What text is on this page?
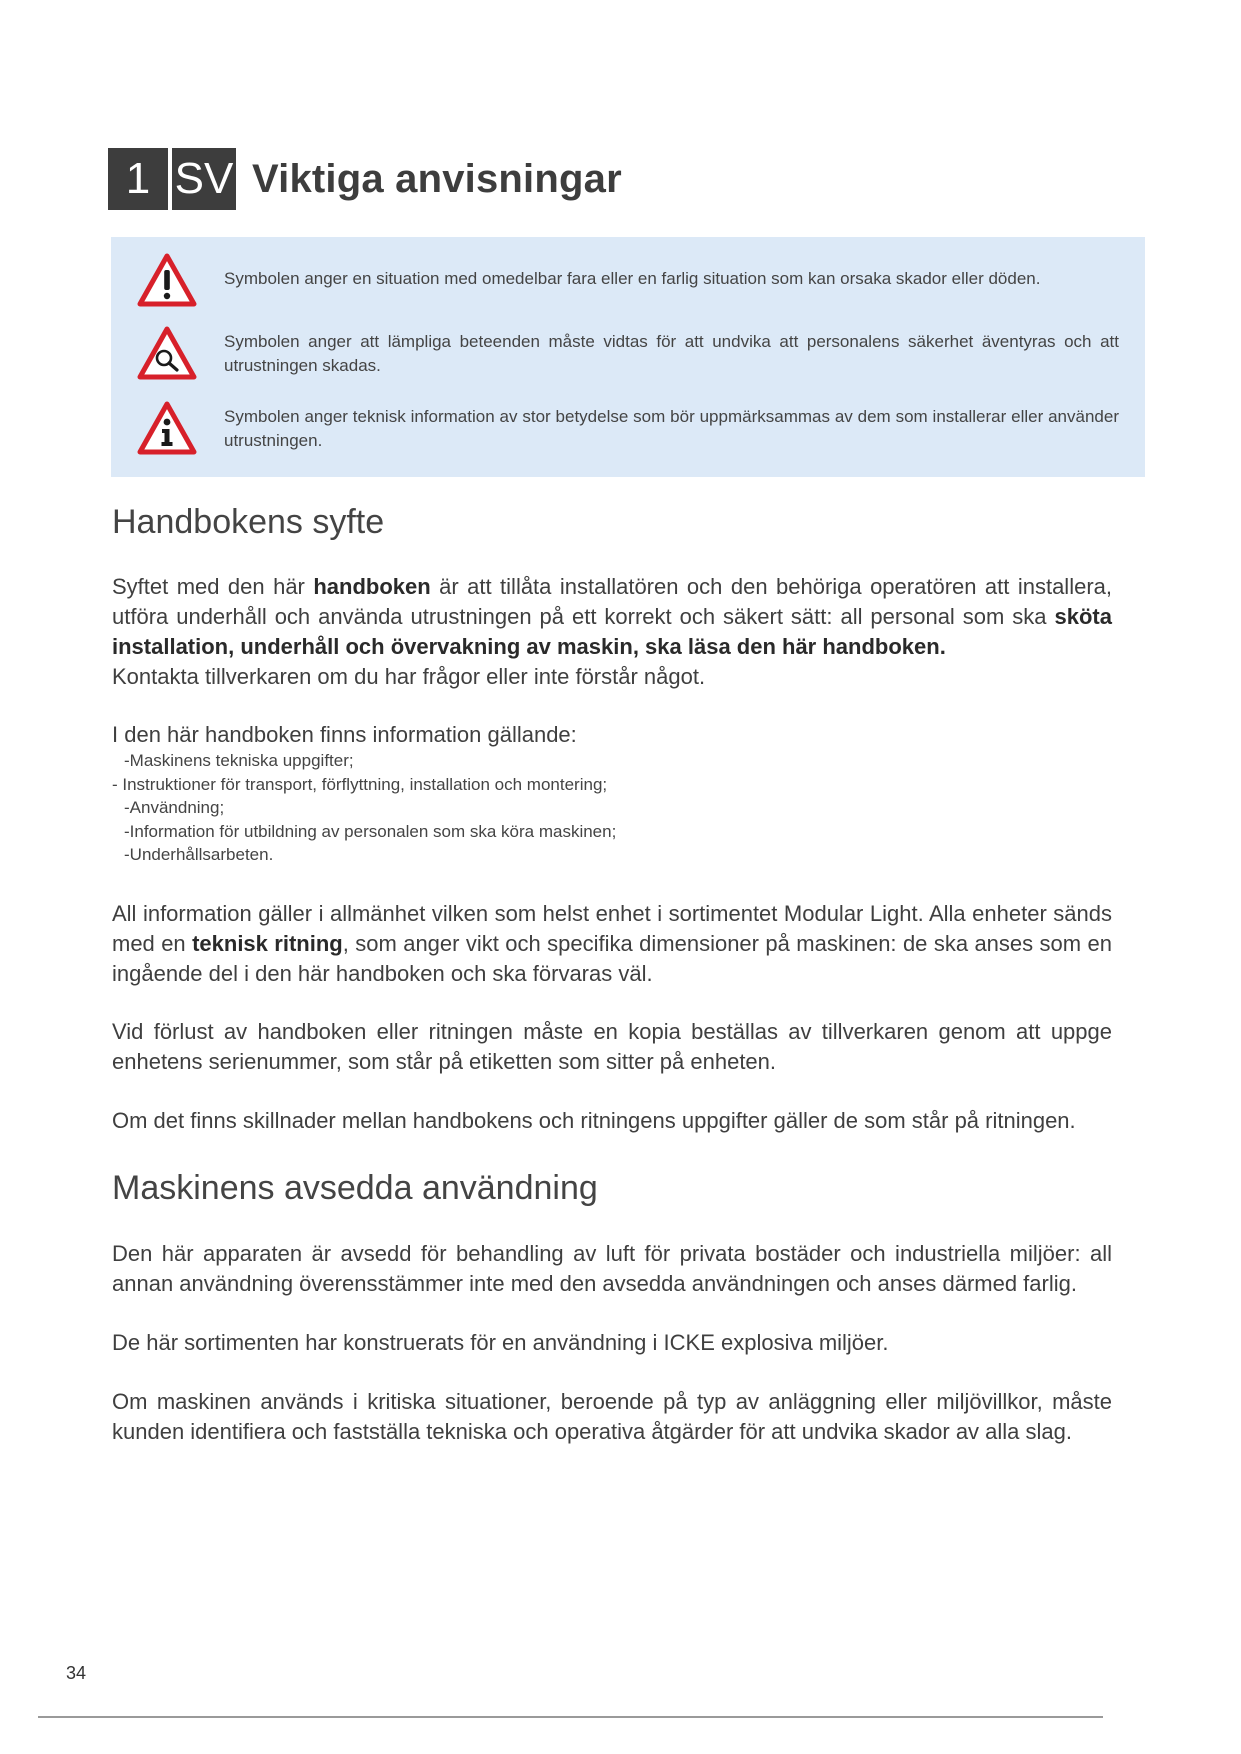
1 SV Viktiga anvisningar
Symbolen anger en situation med omedelbar fara eller en farlig situation som kan orsaka skador eller döden.
Symbolen anger att lämpliga beteenden måste vidtas för att undvika att personalens säkerhet äventyras och att utrustningen skadas.
Symbolen anger teknisk information av stor betydelse som bör uppmärksammas av dem som installerar eller använder utrustningen.
Handbokens syfte

Syftet med den här handboken är att tillåta installatören och den behöriga operatören att installera, utföra underhåll och använda utrustningen på ett korrekt och säkert sätt: all personal som ska sköta installation, underhåll och övervakning av maskin, ska läsa den här handboken.
Kontakta tillverkaren om du har frågor eller inte förstår något.

I den här handboken finns information gällande:

-Maskinens tekniska uppgifter;
- Instruktioner för transport, förflyttning, installation och montering;
-Användning;
-Information för utbildning av personalen som ska köra maskinen;
-Underhållsarbeten.

All information gäller i allmänhet vilken som helst enhet i sortimentet Modular Light. Alla enheter sänds med en teknisk ritning, som anger vikt och specifika dimensioner på maskinen: de ska anses som en ingående del i den här handboken och ska förvaras väl.

Vid förlust av handboken eller ritningen måste en kopia beställas av tillverkaren genom att uppge enhetens serienummer, som står på etiketten som sitter på enheten.

Om det finns skillnader mellan handbokens och ritningens uppgifter gäller de som står på ritningen.

Maskinens avsedda användning

Den här apparaten är avsedd för behandling av luft för privata bostäder och industriella miljöer: all annan användning överensstämmer inte med den avsedda användningen och anses därmed farlig.

De här sortimenten har konstruerats för en användning i ICKE explosiva miljöer.

Om maskinen används i kritiska situationer, beroende på typ av anläggning eller miljövillkor, måste kunden identifiera och fastställa tekniska och operativa åtgärder för att undvika skador av alla slag.

34
